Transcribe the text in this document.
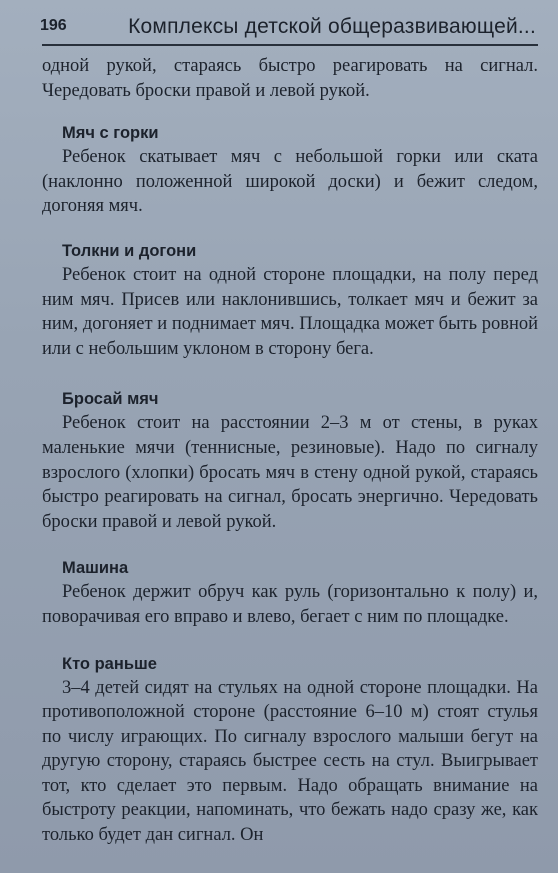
196	Комплексы детской общеразвивающей...

одной рукой, стараясь быстро реагировать на сигнал. Чередовать броски правой и левой рукой.

Мяч с горки

Ребенок скатывает мяч с небольшой горки или ската (наклонно положенной широкой доски) и бежит следом, догоняя мяч.

Толкни и догони

Ребенок стоит на одной стороне площадки, на полу перед ним мяч. Присев или наклонившись, толкает мяч и бежит за ним, догоняет и поднимает мяч. Площадка может быть ровной или с небольшим уклоном в сторону бега.

Бросай мяч

Ребенок стоит на расстоянии 2–3 м от стены, в руках маленькие мячи (теннисные, резиновые). Надо по сигналу взрослого (хлопки) бросать мяч в стену одной рукой, стараясь быстро реагировать на сигнал, бросать энергично. Чередовать броски правой и левой рукой.

Машина

Ребенок держит обруч как руль (горизонтально к полу) и, поворачивая его вправо и влево, бегает с ним по площадке.

Кто раньше

3–4 детей сидят на стульях на одной стороне площадки. На противоположной стороне (расстояние 6–10 м) стоят стулья по числу играющих. По сигналу взрослого малыши бегут на другую сторону, стараясь быстрее сесть на стул. Выигрывает тот, кто сделает это первым. Надо обращать внимание на быстроту реакции, напоминать, что бежать надо сразу же, как только будет дан сигнал. Он
